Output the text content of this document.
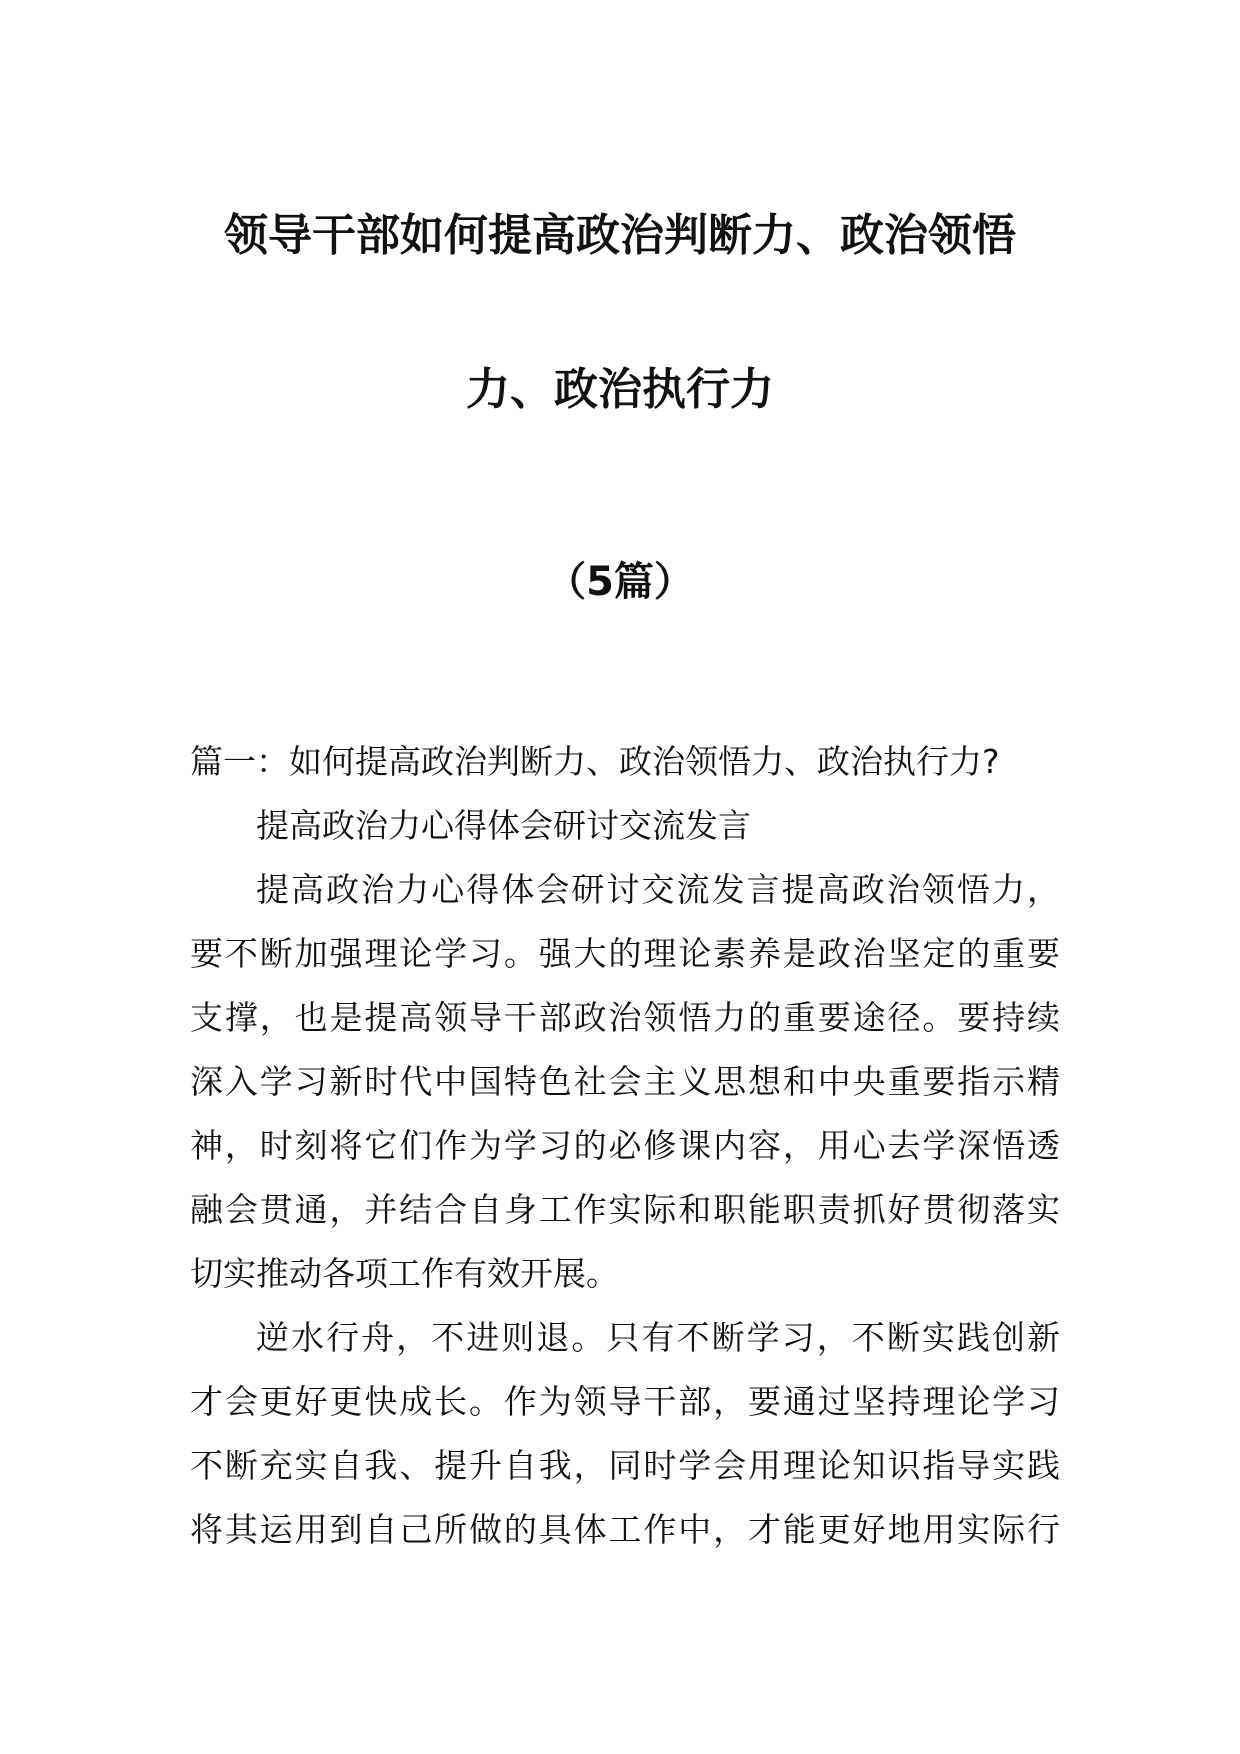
领导干部如何提高政治判断力、政治领悟
力、政治执行力
（5篇）
篇一：如何提高政治判断力、政治领悟力、政治执行力?
提高政治力心得体会研讨交流发言
提高政治力心得体会研讨交流发言提高政治领悟力，
要不断加强理论学习。强大的理论素养是政治坚定的重要
支撑，也是提高领导干部政治领悟力的重要途径。要持续
深入学习新时代中国特色社会主义思想和中央重要指示精
神，时刻将它们作为学习的必修课内容，用心去学深悟透
融会贯通，并结合自身工作实际和职能职责抓好贯彻落实
切实推动各项工作有效开展。
逆水行舟，不进则退。只有不断学习，不断实践创新
才会更好更快成长。作为领导干部，要通过坚持理论学习
不断充实自我、提升自我，同时学会用理论知识指导实践
将其运用到自己所做的具体工作中，才能更好地用实际行
